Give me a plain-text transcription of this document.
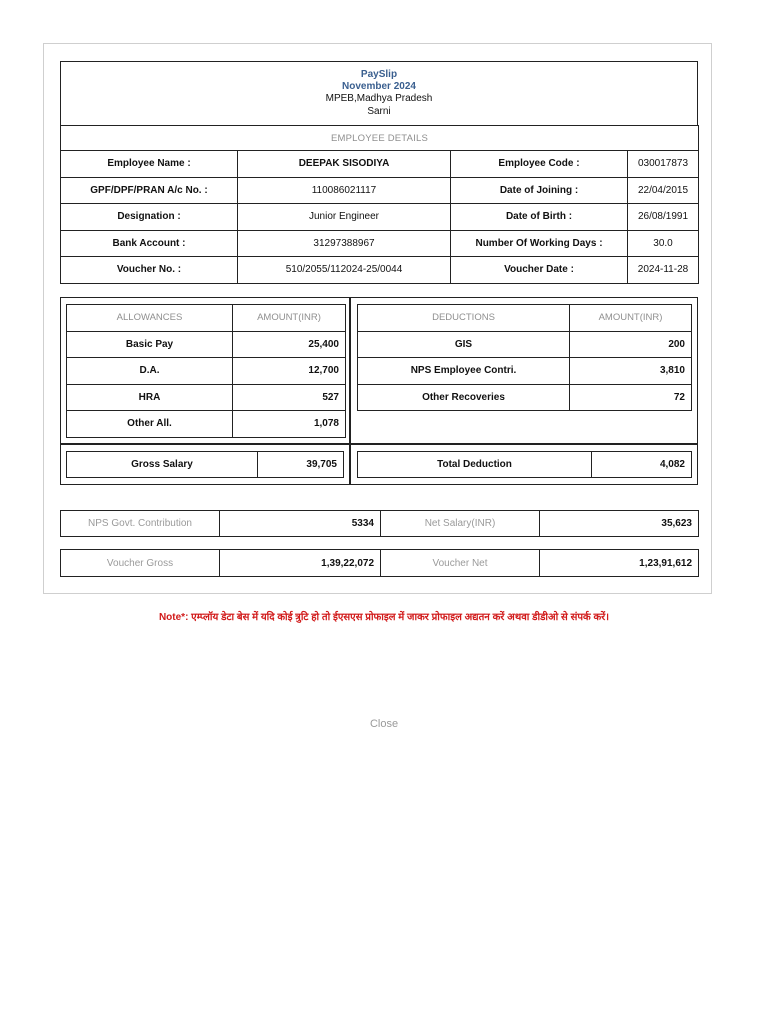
PaySlip
November 2024
MPEB,Madhya Pradesh
Sarni
EMPLOYEE DETAILS			
Employee Name :	DEEPAK SISODIYA	Employee Code :	030017873
GPF/DPF/PRAN A/c No. :	110086021117	Date of Joining :	22/04/2015
Designation :	Junior Engineer	Date of Birth :	26/08/1991
Bank Account :	31297388967	Number Of Working Days :	30.0
Voucher No. :	510/2055/112024-25/0044	Voucher Date :	2024-11-28
ALLOWANCES	AMOUNT(INR)
Basic Pay	25,400
D.A.	12,700
HRA	527
Other All.	1,078
DEDUCTIONS	AMOUNT(INR)
GIS	200
NPS Employee Contri.	3,810
Other Recoveries	72
Gross Salary	39,705	Total Deduction	4,082
NPS Govt. Contribution	5334	Net Salary(INR)	35,623
Voucher Gross	1,39,22,072	Voucher Net	1,23,91,612
Note*: एम्प्लॉय डेटा बेस में यदि कोई त्रुटि हो तो ईएसएस प्रोफाइल में जाकर प्रोफाइल अद्यतन करें अथवा डीडीओ से संपर्क करें।
Close
